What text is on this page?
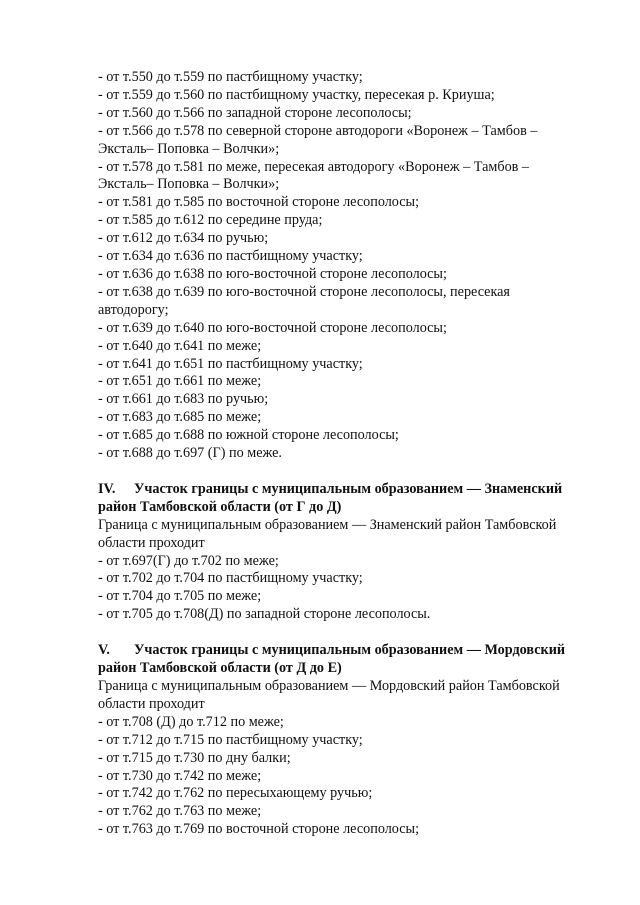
- от т.550 до т.559 по пастбищному участку;

- от т.559 до т.560 по пастбищному участку, пересекая р. Криуша;

- от т.560 до т.566 по западной стороне лесополосы;

- от т.566 до т.578 по северной стороне автодороги «Воронеж – Тамбов –

Эксталь– Поповка – Волчки»;

- от т.578 до т.581 по меже, пересекая автодорогу «Воронеж – Тамбов –

Эксталь– Поповка – Волчки»;

- от т.581 до т.585 по восточной стороне лесополосы;

- от т.585 до т.612 по середине пруда;

- от т.612 до т.634 по ручью;

- от т.634 до т.636 по пастбищному участку;

- от т.636 до т.638 по юго-восточной стороне лесополосы;

- от т.638 до т.639 по юго-восточной стороне лесополосы, пересекая

автодорогу;

- от т.639 до т.640 по юго-восточной стороне лесополосы;

- от т.640 до т.641 по меже;

- от т.641 до т.651 по пастбищному участку;

- от т.651 до т.661 по меже;

- от т.661 до т.683 по ручью;

- от т.683 до т.685 по меже;

- от т.685 до т.688 по южной стороне лесополосы;

- от т.688 до т.697 (Г) по меже.

IV. Участок границы с муниципальным образованием — Знаменский

район Тамбовской области (от Г до Д)

Граница с муниципальным образованием — Знаменский район Тамбовской

области проходит

- от т.697(Г) до т.702 по меже;

- от т.702 до т.704 по пастбищному участку;

- от т.704 до т.705 по меже;

- от т.705 до т.708(Д) по западной стороне лесополосы.

V. Участок границы с муниципальным образованием — Мордовский

район Тамбовской области (от Д до Е)

Граница с муниципальным образованием — Мордовский район Тамбовской

области проходит

- от т.708 (Д) до т.712 по меже;

- от т.712 до т.715 по пастбищному участку;

- от т.715 до т.730 по дну балки;

- от т.730 до т.742 по меже;

- от т.742 до т.762 по пересыхающему ручью;

- от т.762 до т.763 по меже;

- от т.763 до т.769 по восточной стороне лесополосы;
